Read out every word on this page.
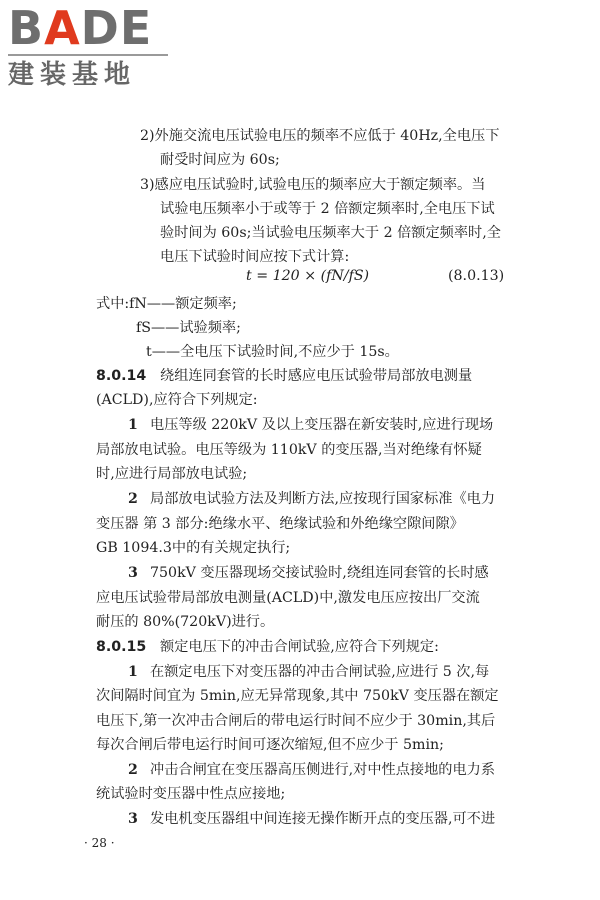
BADE
建装基地
2)外施交流电压试验电压的频率不应低于 40Hz,全电压下
耐受时间应为 60s;
3)感应电压试验时,试验电压的频率应大于额定频率。当
试验电压频率小于或等于 2 倍额定频率时,全电压下试
验时间为 60s;当试验电压频率大于 2 倍额定频率时,全
电压下试验时间应按下式计算:
t = 120 × (fN/fS)	(8.0.13)
式中:fN——额定频率;
fS——试验频率;
t——全电压下试验时间,不应少于 15s。
8.0.14 绕组连同套管的长时感应电压试验带局部放电测量
(ACLD),应符合下列规定:
1 电压等级 220kV 及以上变压器在新安装时,应进行现场
局部放电试验。电压等级为 110kV 的变压器,当对绝缘有怀疑
时,应进行局部放电试验;
2 局部放电试验方法及判断方法,应按现行国家标准《电力
变压器 第 3 部分:绝缘水平、绝缘试验和外绝缘空隙间隙》
GB 1094.3中的有关规定执行;
3 750kV 变压器现场交接试验时,绕组连同套管的长时感
应电压试验带局部放电测量(ACLD)中,激发电压应按出厂交流
耐压的 80%(720kV)进行。
8.0.15 额定电压下的冲击合闸试验,应符合下列规定:
1 在额定电压下对变压器的冲击合闸试验,应进行 5 次,每
次间隔时间宜为 5min,应无异常现象,其中 750kV 变压器在额定
电压下,第一次冲击合闸后的带电运行时间不应少于 30min,其后
每次合闸后带电运行时间可逐次缩短,但不应少于 5min;
2 冲击合闸宜在变压器高压侧进行,对中性点接地的电力系
统试验时变压器中性点应接地;
3 发电机变压器组中间连接无操作断开点的变压器,可不进
· 28 ·
